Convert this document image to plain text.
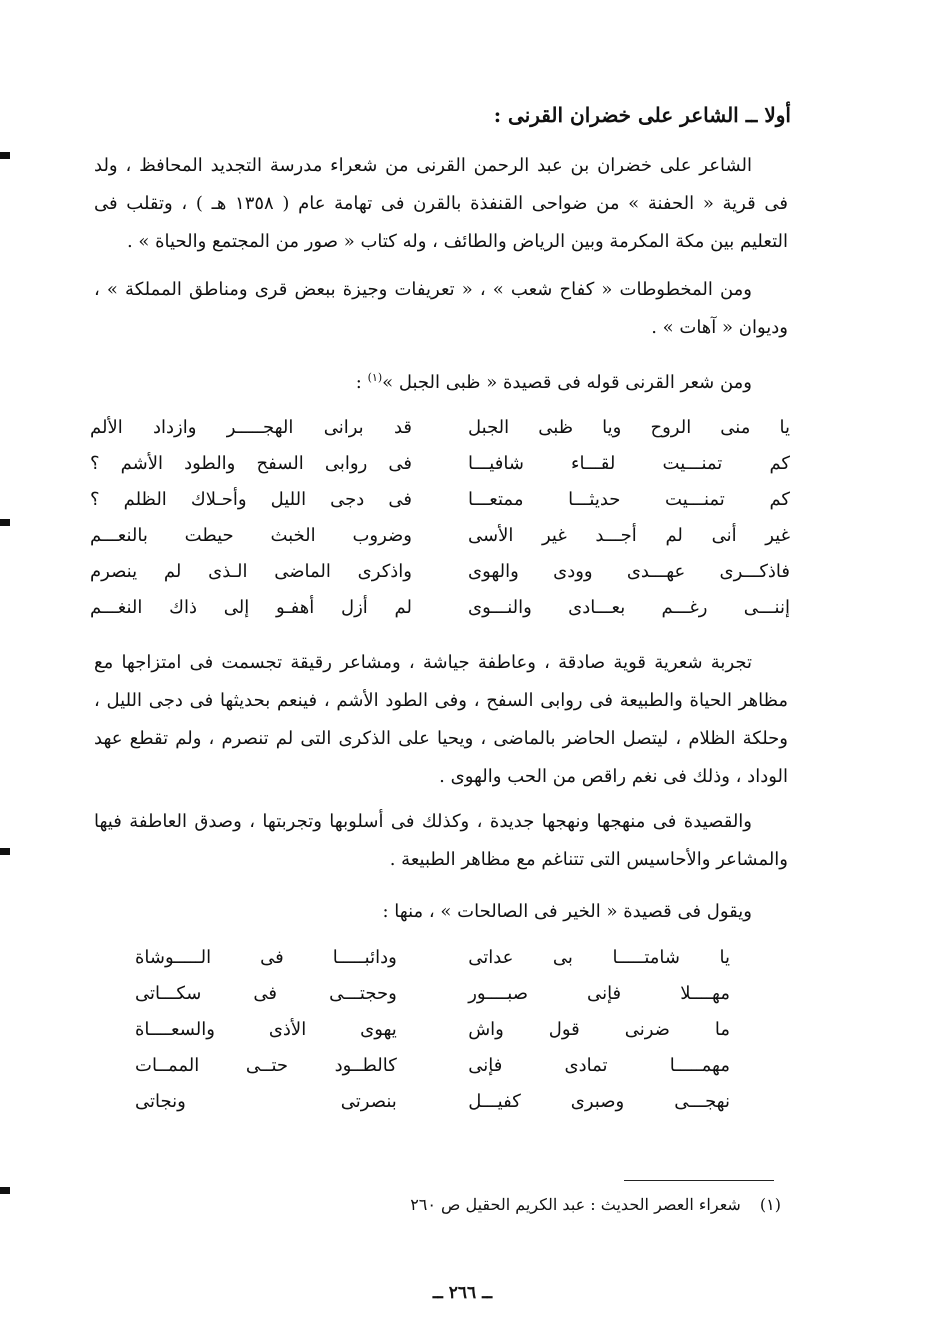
أولا ــ الشاعر على خضران القرنى :
الشاعر على خضران بن عبد الرحمن القرنى من شعراء مدرسة التجديد المحافظ ، ولد فى قرية « الحفنة » من ضواحى القنفذة بالقرن فى تهامة عام ( ١٣٥٨ هـ ) ، وتقلب فى التعليم بين مكة المكرمة وبين الرياض والطائف ، وله كتاب « صور من المجتمع والحياة » .
ومن المخطوطات « كفاح شعب » ، « تعريفات وجيزة ببعض قرى ومناطق المملكة » ، وديوان « آهات » .
ومن شعر القرنى قوله فى قصيدة « ظبى الجبل »$^{(١)}$ :
يا منى الروح ويا ظبى الجبل
قد برانى الهجـــــر وازداد الألم
كم تمنـــيت لقـــاء شافيـــا
فى روابى السفح والطود الأشم ؟
كم تمنـــيت حديثـــا ممتعـــا
فى دجى الليل وأحـلاك الظلم ؟
غير أنى لم أجـــد غير الأسى
وضروب الخبث حيطت بالنعـــم
فاذكـــرى عهـــدى وودى والهوى
واذكرى الماضى الـذى لم ينصرم
إننـــى رغـــم بعـــادى والنـــوى
لم أزل أهفـو إلى ذاك النغـــم
تجربة شعرية قوية صادقة ، وعاطفة جياشة ، ومشاعر رقيقة تجسمت فى امتزاجها مع مظاهر الحياة والطبيعة فى روابى السفح ، وفى الطود الأشم ، فينعم بحديثها فى دجى الليل ، وحلكة الظلام ، ليتصل الحاضر بالماضى ، ويحيا على الذكرى التى لم تنصرم ، ولم تقطع عهد الوداد ، وذلك فى نغم راقص من الحب والهوى .
والقصيدة فى منهجها ونهجها جديدة ، وكذلك فى أسلوبها وتجربتها ، وصدق العاطفة فيها والمشاعر والأحاسيس التى تتناغم مع مظاهر الطبيعة .
ويقول فى قصيدة « الخير فى الصالحات » ، منها :
يا شامتـــــا بى عداتى
ودائبـــــا فى الـــــوشاة
مهــــلا فإنى صبــــور
وحجتـــى فى سكـــاتى
ما ضرنى قول واش
يهوى الأذى والسعــــاة
مهمـــــا تمادى فإنى
كالطــود حتــى الممــات
نهجـــى وصبرى كفيـــل
بنصرتى ونجاتى
(١) شعراء العصر الحديث : عبد الكريم الحقيل ص ٢٦٠
ــ ٢٦٦ ــ
